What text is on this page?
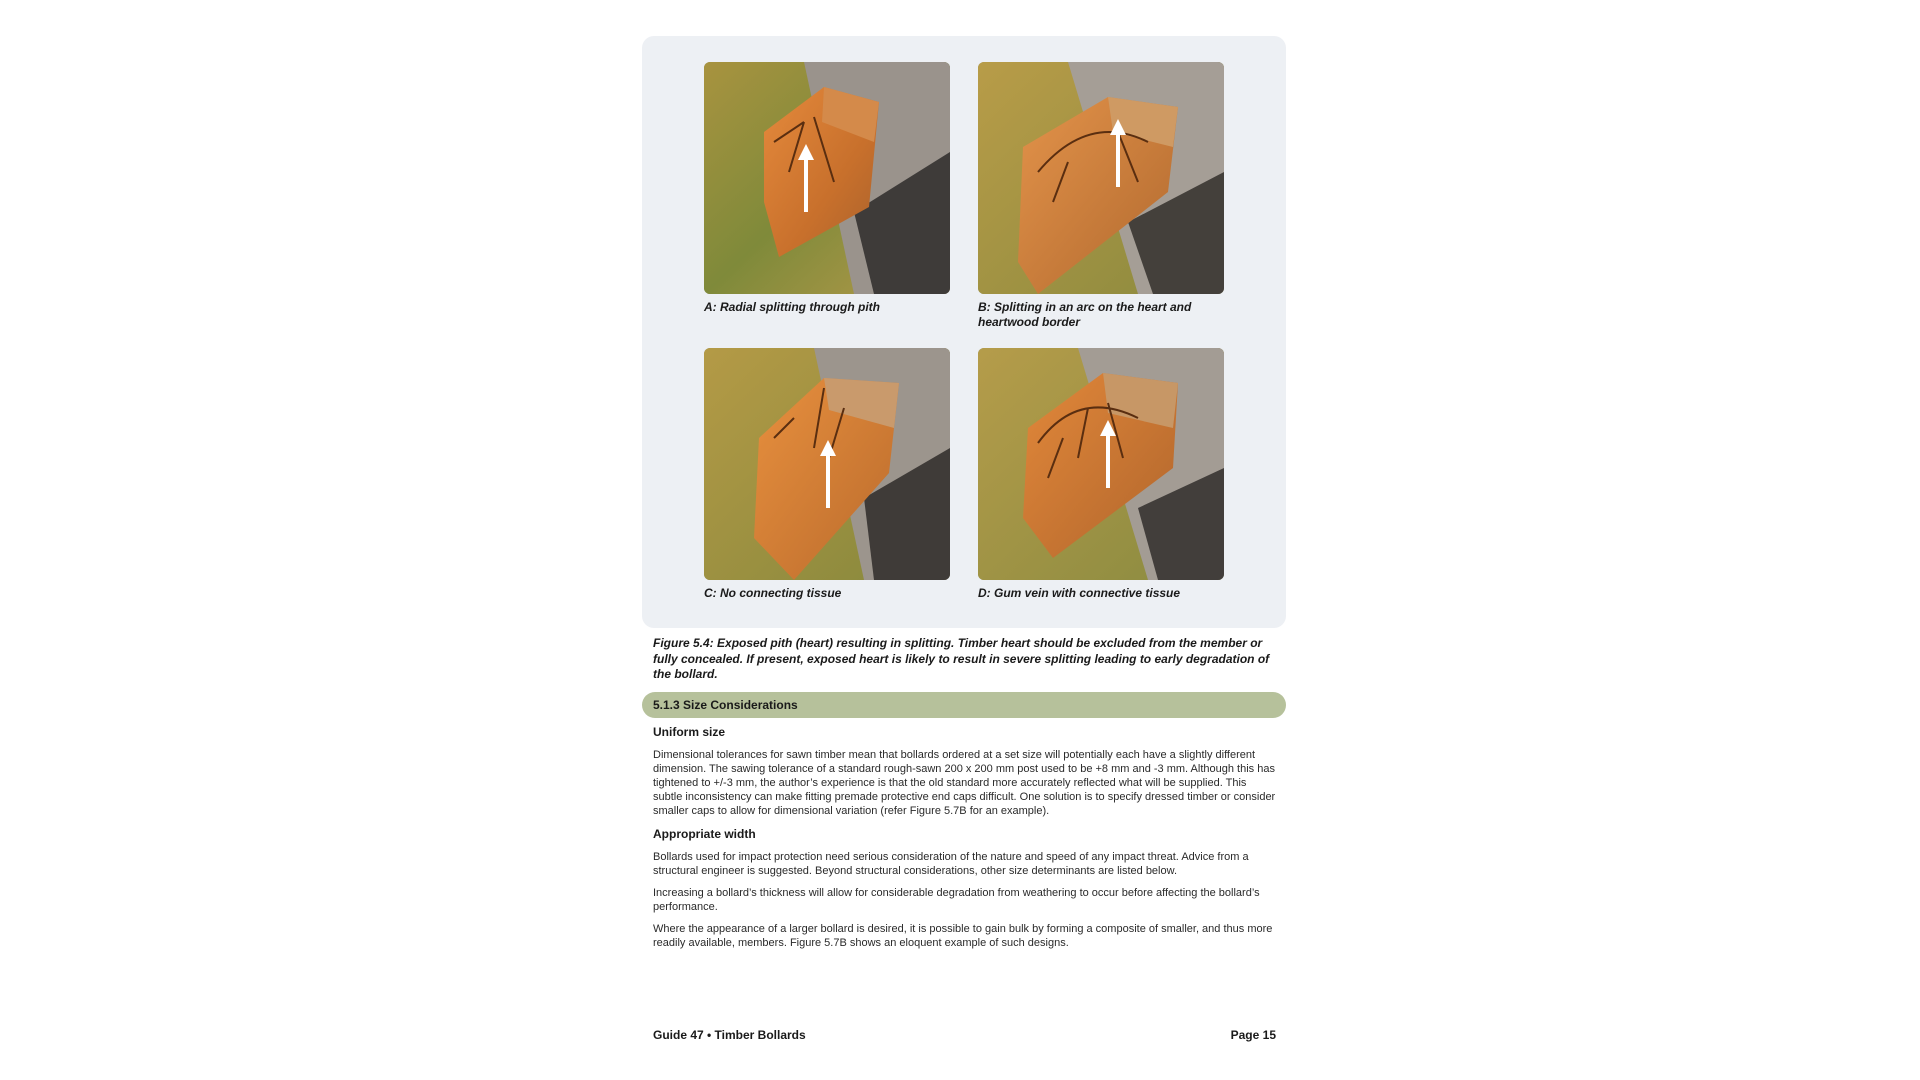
A: Radial splitting through pith	B: Splitting in an arc on the heart and heartwood border
C: No connecting tissue	D: Gum vein with connective tissue
Figure 5.4: Exposed pith (heart) resulting in splitting. Timber heart should be excluded from the member or fully concealed. If present, exposed heart is likely to result in severe splitting leading to early degradation of the bollard.
5.1.3 Size Considerations
Uniform size

Dimensional tolerances for sawn timber mean that bollards ordered at a set size will potentially each have a slightly different dimension. The sawing tolerance of a standard rough-sawn 200 x 200 mm post used to be +8 mm and -3 mm. Although this has tightened to +/-3 mm, the author’s experience is that the old standard more accurately reflected what will be supplied. This subtle inconsistency can make fitting premade protective end caps difficult. One solution is to specify dressed timber or consider smaller caps to allow for dimensional variation (refer Figure 5.7B for an example).

Appropriate width

Bollards used for impact protection need serious consideration of the nature and speed of any impact threat. Advice from a structural engineer is suggested. Beyond structural considerations, other size determinants are listed below.

Increasing a bollard’s thickness will allow for considerable degradation from weathering to occur before affecting the bollard’s performance.

Where the appearance of a larger bollard is desired, it is possible to gain bulk by forming a composite of smaller, and thus more readily available, members. Figure 5.7B shows an eloquent example of such designs.

Guide 47 • Timber Bollards	Page 15
